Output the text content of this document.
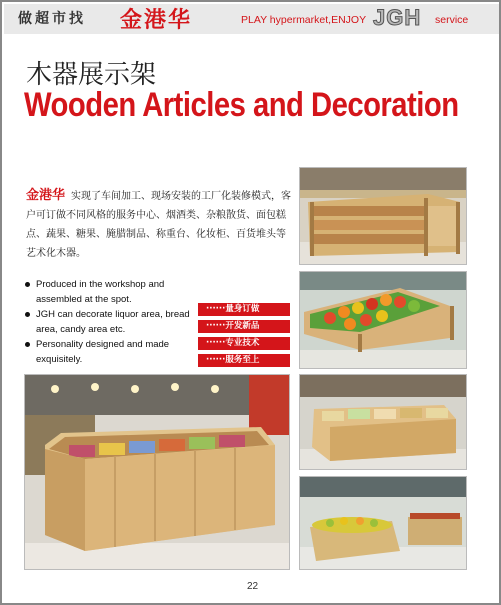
做超市找 金港华	PLAY hypermarket,ENJOY JGH service
木器展示架
Wooden Articles and Decoration
金港华 实现了车间加工、现场安装的工厂化装修模式，客户可订做不同风格的服务中心、烟酒类、杂粮散货、面包糕点、蔬果、糖果、腌腊制品、称重台、化妆柜、百货堆头等艺术化木器。
Produced in the workshop and assembled at the spot.
JGH can decorate liquor area, bread area, candy area etc.
Personality designed and made exquisitely.
······量身订做
······开发新品
······专业技术
······服务至上
22
